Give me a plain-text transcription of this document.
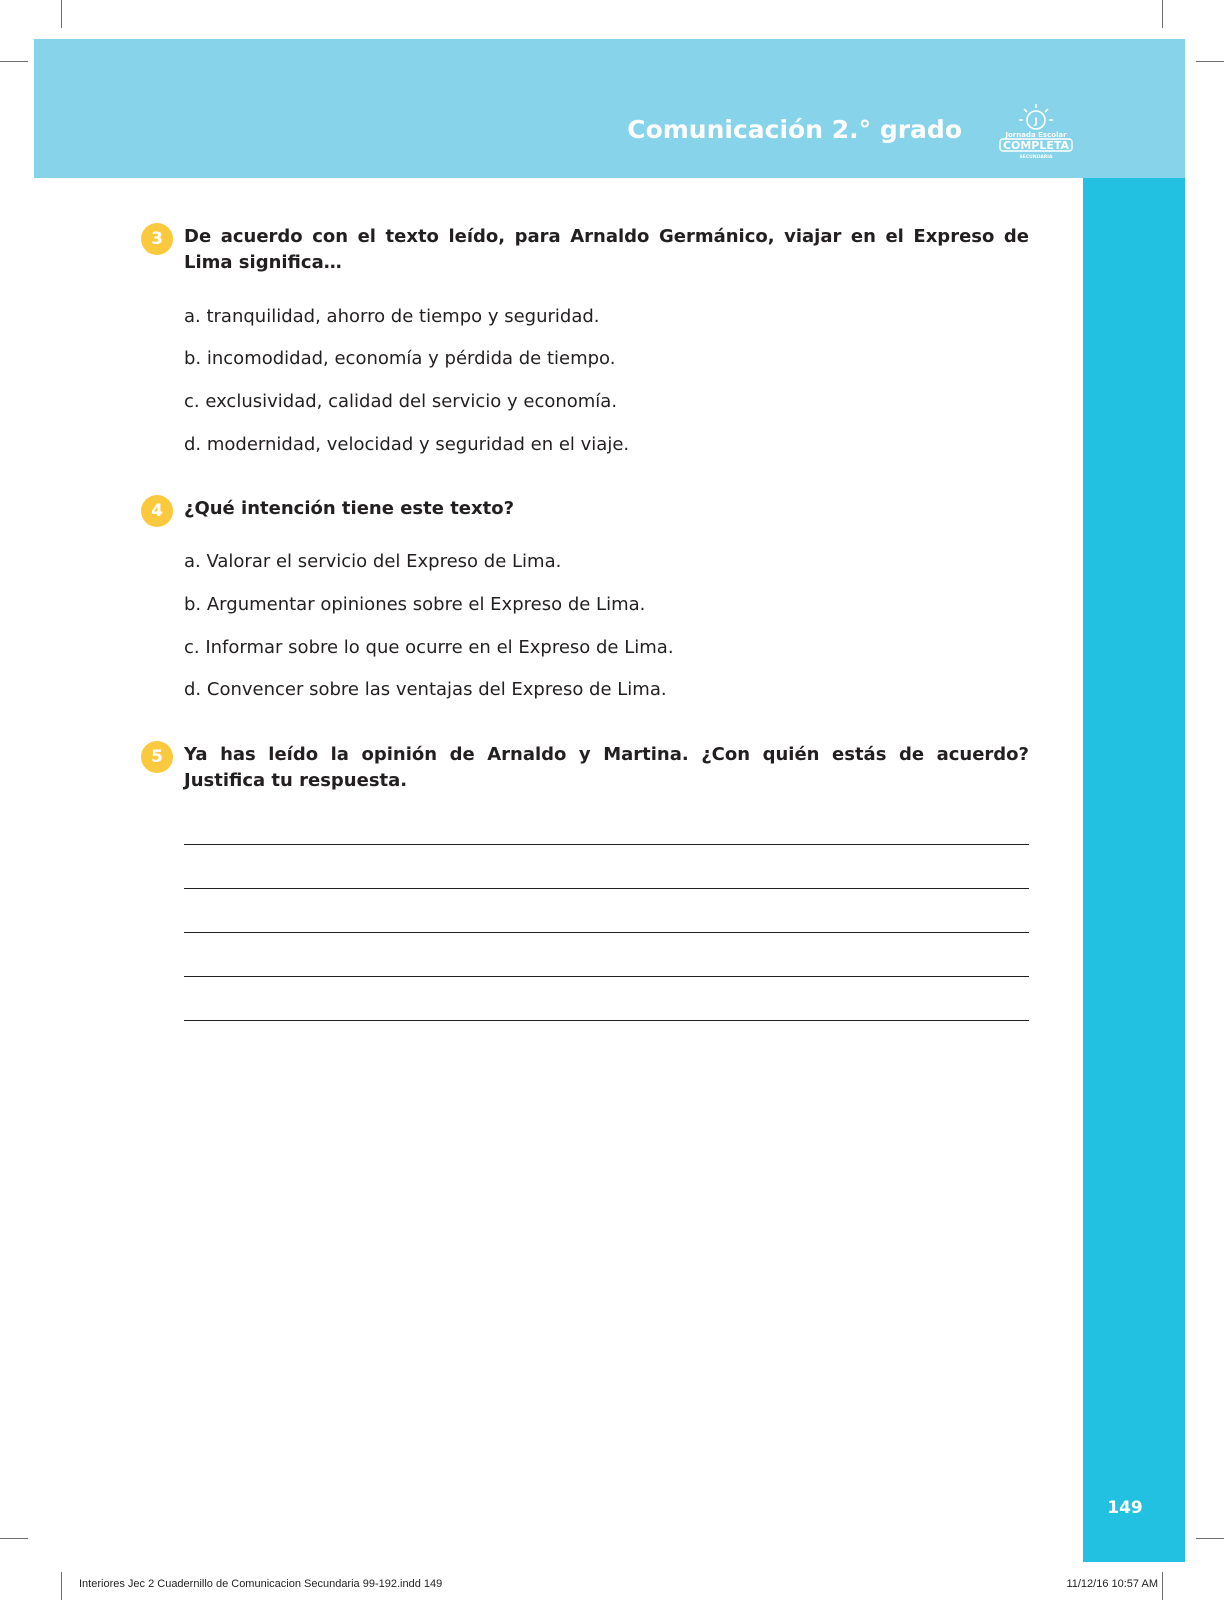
Comunicación 2.° grado	J
Jornada Escolar
COMPLETA
SECUNDARIA
149
3	De acuerdo con el texto leído, para Arnaldo Germánico, viajar en el Expreso de Lima significa…
a. tranquilidad, ahorro de tiempo y seguridad.
b. incomodidad, economía y pérdida de tiempo.
c. exclusividad, calidad del servicio y economía.
d. modernidad, velocidad y seguridad en el viaje.
4	¿Qué intención tiene este texto?
a. Valorar el servicio del Expreso de Lima.
b. Argumentar opiniones sobre el Expreso de Lima.
c. Informar sobre lo que ocurre en el Expreso de Lima.
d. Convencer sobre las ventajas del Expreso de Lima.
5	Ya has leído la opinión de Arnaldo y Martina. ¿Con quién estás de acuerdo? Justifica tu respuesta.
Interiores Jec 2 Cuadernillo de Comunicacion Secundaria 99-192.indd 149	11/12/16 10:57 AM
